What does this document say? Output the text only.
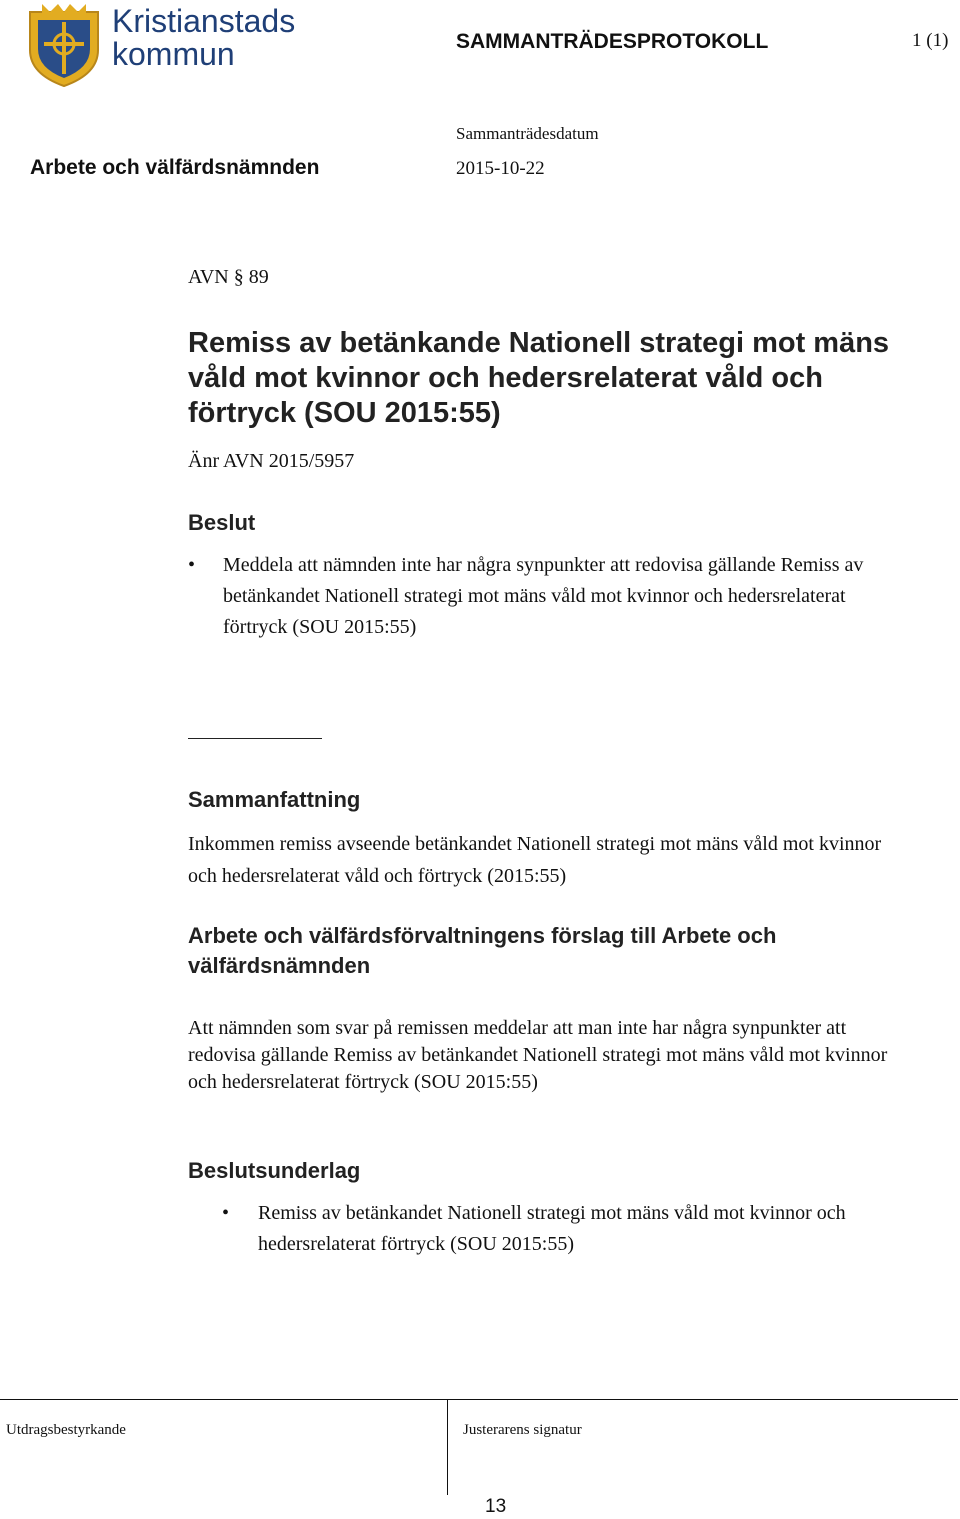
Kristianstads
kommun	SAMMANTRÄDESPROTOKOLL	1 (1)
Sammanträdesdatum
Arbete och välfärdsnämnden	2015-10-22
AVN § 89
Remiss av betänkande Nationell strategi mot mäns våld mot kvinnor och hedersrelaterat våld och förtryck (SOU 2015:55)
Änr AVN 2015/5957
Beslut
• Meddela att nämnden inte har några synpunkter att redovisa gällande Remiss av betänkandet Nationell strategi mot mäns våld mot kvinnor och hedersrelaterat förtryck (SOU 2015:55)
Sammanfattning
Inkommen remiss avseende betänkandet Nationell strategi mot mäns våld mot kvinnor och hedersrelaterat våld och förtryck (2015:55)
Arbete och välfärdsförvaltningens förslag till Arbete och välfärdsnämnden
Att nämnden som svar på remissen meddelar att man inte har några synpunkter att redovisa gällande Remiss av betänkandet Nationell strategi mot mäns våld mot kvinnor och hedersrelaterat förtryck (SOU 2015:55)
Beslutsunderlag
• Remiss av betänkandet Nationell strategi mot mäns våld mot kvinnor och hedersrelaterat förtryck (SOU 2015:55)
Utdragsbestyrkande	Justerarens signatur
13
